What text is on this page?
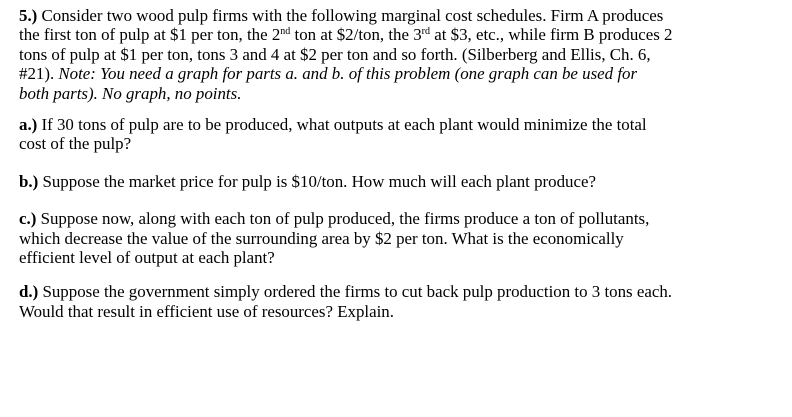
5.) Consider two wood pulp firms with the following marginal cost schedules. Firm A produces
the first ton of pulp at $1 per ton, the 2nd ton at $2/ton, the 3rd at $3, etc., while firm B produces 2
tons of pulp at $1 per ton, tons 3 and 4 at $2 per ton and so forth. (Silberberg and Ellis, Ch. 6,
#21). Note: You need a graph for parts a. and b. of this problem (one graph can be used for
both parts). No graph, no points.

a.) If 30 tons of pulp are to be produced, what outputs at each plant would minimize the total
cost of the pulp?

b.) Suppose the market price for pulp is $10/ton. How much will each plant produce?

c.) Suppose now, along with each ton of pulp produced, the firms produce a ton of pollutants,
which decrease the value of the surrounding area by $2 per ton. What is the economically
efficient level of output at each plant?

d.) Suppose the government simply ordered the firms to cut back pulp production to 3 tons each.
Would that result in efficient use of resources? Explain.
